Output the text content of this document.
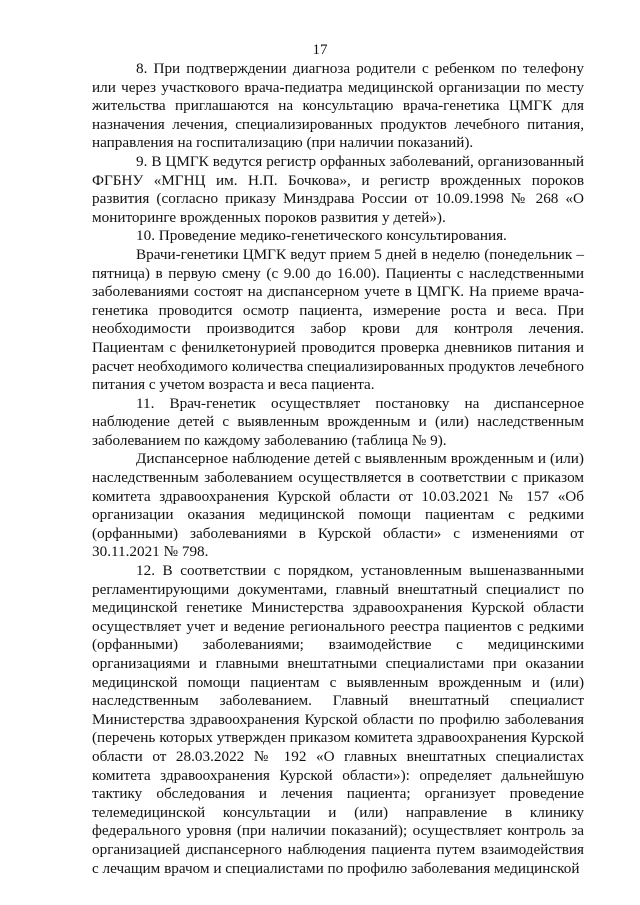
17

8. При подтверждении диагноза родители с ребенком по телефону или через участкового врача-педиатра медицинской организации по месту жительства приглашаются на консультацию врача-генетика ЦМГК для назначения лечения, специализированных продуктов лечебного питания, направления на госпитализацию (при наличии показаний).

9. В ЦМГК ведутся регистр орфанных заболеваний, организованный ФГБНУ «МГНЦ им. Н.П. Бочкова», и регистр врожденных пороков развития (согласно приказу Минздрава России от 10.09.1998 № 268 «О мониторинге врожденных пороков развития у детей»).

10. Проведение медико-генетического консультирования.

Врачи-генетики ЦМГК ведут прием 5 дней в неделю (понедельник – пятница) в первую смену (с 9.00 до 16.00). Пациенты с наследственными заболеваниями состоят на диспансерном учете в ЦМГК. На приеме врача-генетика проводится осмотр пациента, измерение роста и веса. При необходимости производится забор крови для контроля лечения. Пациентам с фенилкетонурией проводится проверка дневников питания и расчет необходимого количества специализированных продуктов лечебного питания с учетом возраста и веса пациента.

11. Врач-генетик осуществляет постановку на диспансерное наблюдение детей с выявленным врожденным и (или) наследственным заболеванием по каждому заболеванию (таблица № 9).

Диспансерное наблюдение детей с выявленным врожденным и (или) наследственным заболеванием осуществляется в соответствии с приказом комитета здравоохранения Курской области от 10.03.2021 № 157 «Об организации оказания медицинской помощи пациентам с редкими (орфанными) заболеваниями в Курской области» с изменениями от 30.11.2021 № 798.

12. В соответствии с порядком, установленным вышеназванными регламентирующими документами, главный внештатный специалист по медицинской генетике Министерства здравоохранения Курской области осуществляет учет и ведение регионального реестра пациентов с редкими (орфанными) заболеваниями; взаимодействие с медицинскими организациями и главными внештатными специалистами при оказании медицинской помощи пациентам с выявленным врожденным и (или) наследственным заболеванием. Главный внештатный специалист Министерства здравоохранения Курской области по профилю заболевания (перечень которых утвержден приказом комитета здравоохранения Курской области от 28.03.2022 № 192 «О главных внештатных специалистах комитета здравоохранения Курской области»): определяет дальнейшую тактику обследования и лечения пациента; организует проведение телемедицинской консультации и (или) направление в клинику федерального уровня (при наличии показаний); осуществляет контроль за организацией диспансерного наблюдения пациента путем взаимодействия с лечащим врачом и специалистами по профилю заболевания медицинской
